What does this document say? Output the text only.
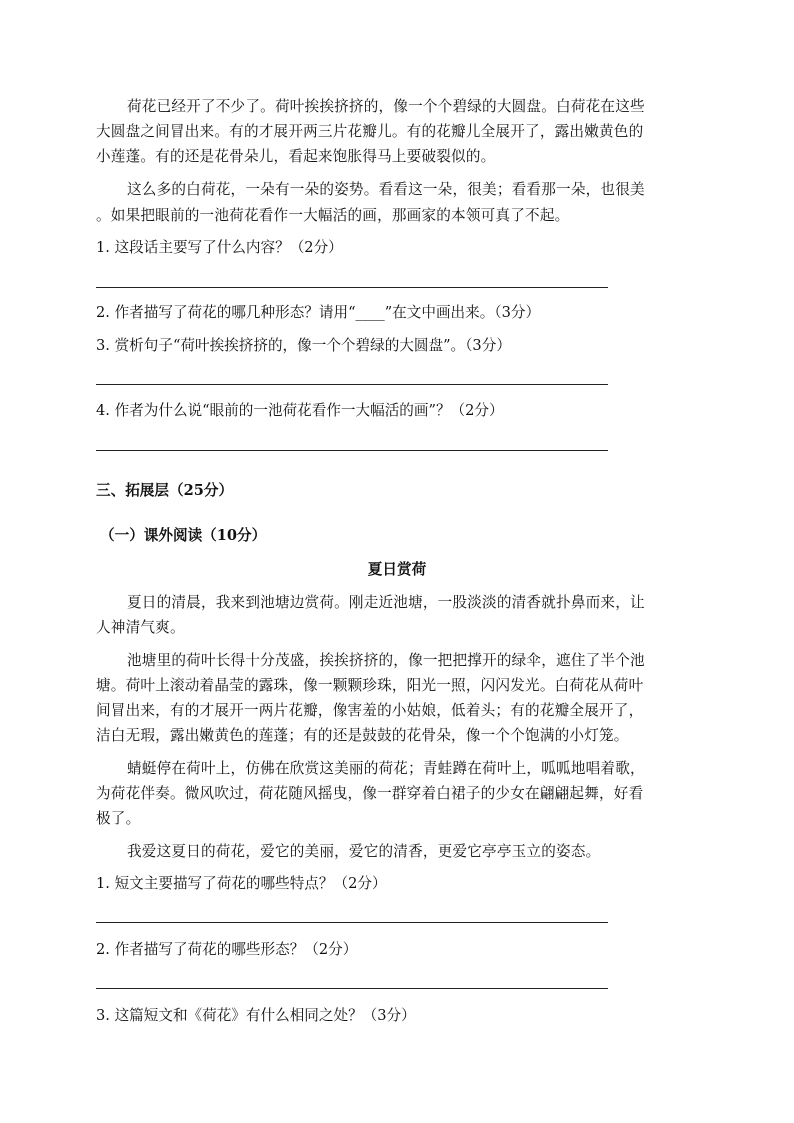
荷花已经开了不少了。荷叶挨挨挤挤的，像一个个碧绿的大圆盘。白荷花在这些
大圆盘之间冒出来。有的才展开两三片花瓣儿。有的花瓣儿全展开了，露出嫩黄色的
小莲蓬。有的还是花骨朵儿，看起来饱胀得马上要破裂似的。
这么多的白荷花，一朵有一朵的姿势。看看这一朵，很美；看看那一朵，也很美
。如果把眼前的一池荷花看作一大幅活的画，那画家的本领可真了不起。
1. 这段话主要写了什么内容？（2分）
2. 作者描写了荷花的哪几种形态？请用“____”在文中画出来。（3分）
3. 赏析句子“荷叶挨挨挤挤的，像一个个碧绿的大圆盘”。（3分）
4. 作者为什么说“眼前的一池荷花看作一大幅活的画”？（2分）
三、拓展层（25分）
（一）课外阅读（10分）
夏日赏荷
夏日的清晨，我来到池塘边赏荷。刚走近池塘，一股淡淡的清香就扑鼻而来，让
人神清气爽。
池塘里的荷叶长得十分茂盛，挨挨挤挤的，像一把把撑开的绿伞，遮住了半个池
塘。荷叶上滚动着晶莹的露珠，像一颗颗珍珠，阳光一照，闪闪发光。白荷花从荷叶
间冒出来，有的才展开一两片花瓣，像害羞的小姑娘，低着头；有的花瓣全展开了，
洁白无瑕，露出嫩黄色的莲蓬；有的还是鼓鼓的花骨朵，像一个个饱满的小灯笼。
蜻蜓停在荷叶上，仿佛在欣赏这美丽的荷花；青蛙蹲在荷叶上，呱呱地唱着歌，
为荷花伴奏。微风吹过，荷花随风摇曳，像一群穿着白裙子的少女在翩翩起舞，好看
极了。
我爱这夏日的荷花，爱它的美丽，爱它的清香，更爱它亭亭玉立的姿态。
1. 短文主要描写了荷花的哪些特点？（2分）
2. 作者描写了荷花的哪些形态？（2分）
3. 这篇短文和《荷花》有什么相同之处？（3分）
